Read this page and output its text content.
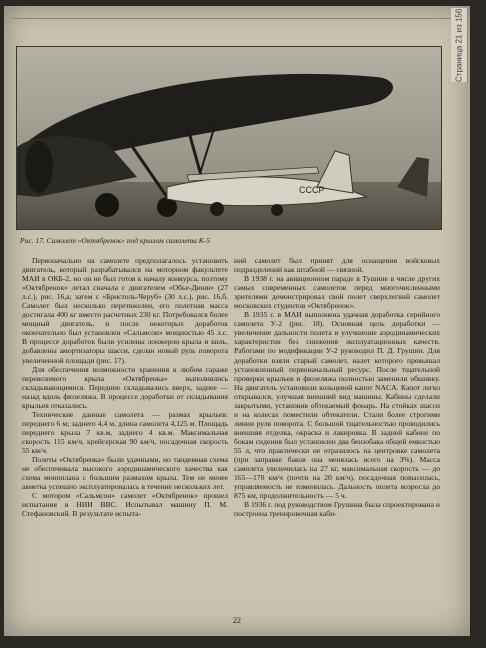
Страница 21 из 156
СССР
Рис. 17. Самолет «Октябренок» под крылом самолета К-5

Первоначально на самолете предполагалось установить двигатель, который разрабатывался на моторном факультете МАИ в ОКБ-2, но он не был готов к началу конкурса, поэтому «Октябренок» летал сначала с двигателем «Обье-Дюнн» (27 л.с.), рис. 16,а; затем с «Бристоль-Черуб» (30 л.с.), рис. 16,б. Самолет был несколько перетяжелен, его полетная масса достигала 400 кг вместо расчетных 230 кг. Потребовался более мощный двигатель, и после некоторых доработок окончательно был установлен «Сальмсон» мощностью 45 л.с. В процессе доработок были усилены лонжерон крыла и киль, добавлены амортизаторы шасси, сделан новый руль поворота увеличенной площади (рис. 17).

Для обеспечения возможности хранения в любом гараже перевозимого крыла «Октябренка» выполнялись складывающимися. Передние складывались вверх, заднее — назад вдоль фюзеляжа. В процессе доработки от складывания крыльев отказались.

Технические данные самолета — размах крыльев: переднего 6 м; заднего 4,4 м, длина самолета 4,125 м. Площадь переднего крыла 7 кв.м, заднего 4 кв.м. Максимальная скорость 115 км/ч, крейсерская 90 км/ч, посадочная скорость 55 км/ч.

Полеты «Октябренка» были удачными, но тандемная схема не обеспечивала высокого аэродинамического качества как схема моноплана с большим размахом крыла. Тем не менее авиетка успешно эксплуатировалась в течение нескольких лет.

С мотором «Сальмсон» самолет «Октябренок» прошел испытания в НИИ ВВС. Испытывал машину П. М. Стефановский. В результате испыта-

ний самолет был принят для оснащения войсковых подразделений как штабной — связной.

В 1938 г. на авиационном параде в Тушине в числе других самых современных самолетов перед многочисленными зрителями демонстрировал свой полет сверхлегкий самолет московских студентов «Октябренок».

В 1935 г. в МАИ выполнена удачная доработка серийного самолета У-2 (рис. 18). Основная цель доработки — увеличение дальности полета и улучшение аэродинамических характеристик без снижения эксплуатационных качеств. Работами по модификации У-2 руководил П. Д. Грушин. Для доработки взяли старый самолет, налет которого превышал установленный первоначальный ресурс. После тщательной проверки крыльев и фюзеляжа полностью заменили обшивку. На двигатель установили кольцевой капот NACA. Капот легко открывался, улучшая внешний вид машины. Кабины сделали закрытыми, установив обтекаемый фонарь. На стойках шасси и на колесах поместили обтекатели. Стали более строгими линии руля поворота. С большой тщательностью проводились внешняя отделка, окраска и лакировка. В задней кабине по бокам сидения был установлен два бензобака общей емкостью 55 л, что практически не отразилось на центровке самолета (при заправке баков она менялась всего на 3%). Масса самолета увеличилась на 27 кг, максимальная скорость — до 165—170 км/ч (почти на 20 км/ч), посадочная повысилась, управляемость не изменилась. Дальность полета возросла до 875 км, продолжительность — 5 ч.

В 1936 г. под руководством Грушина была спроектирована и построена тренировочная каби-

22
